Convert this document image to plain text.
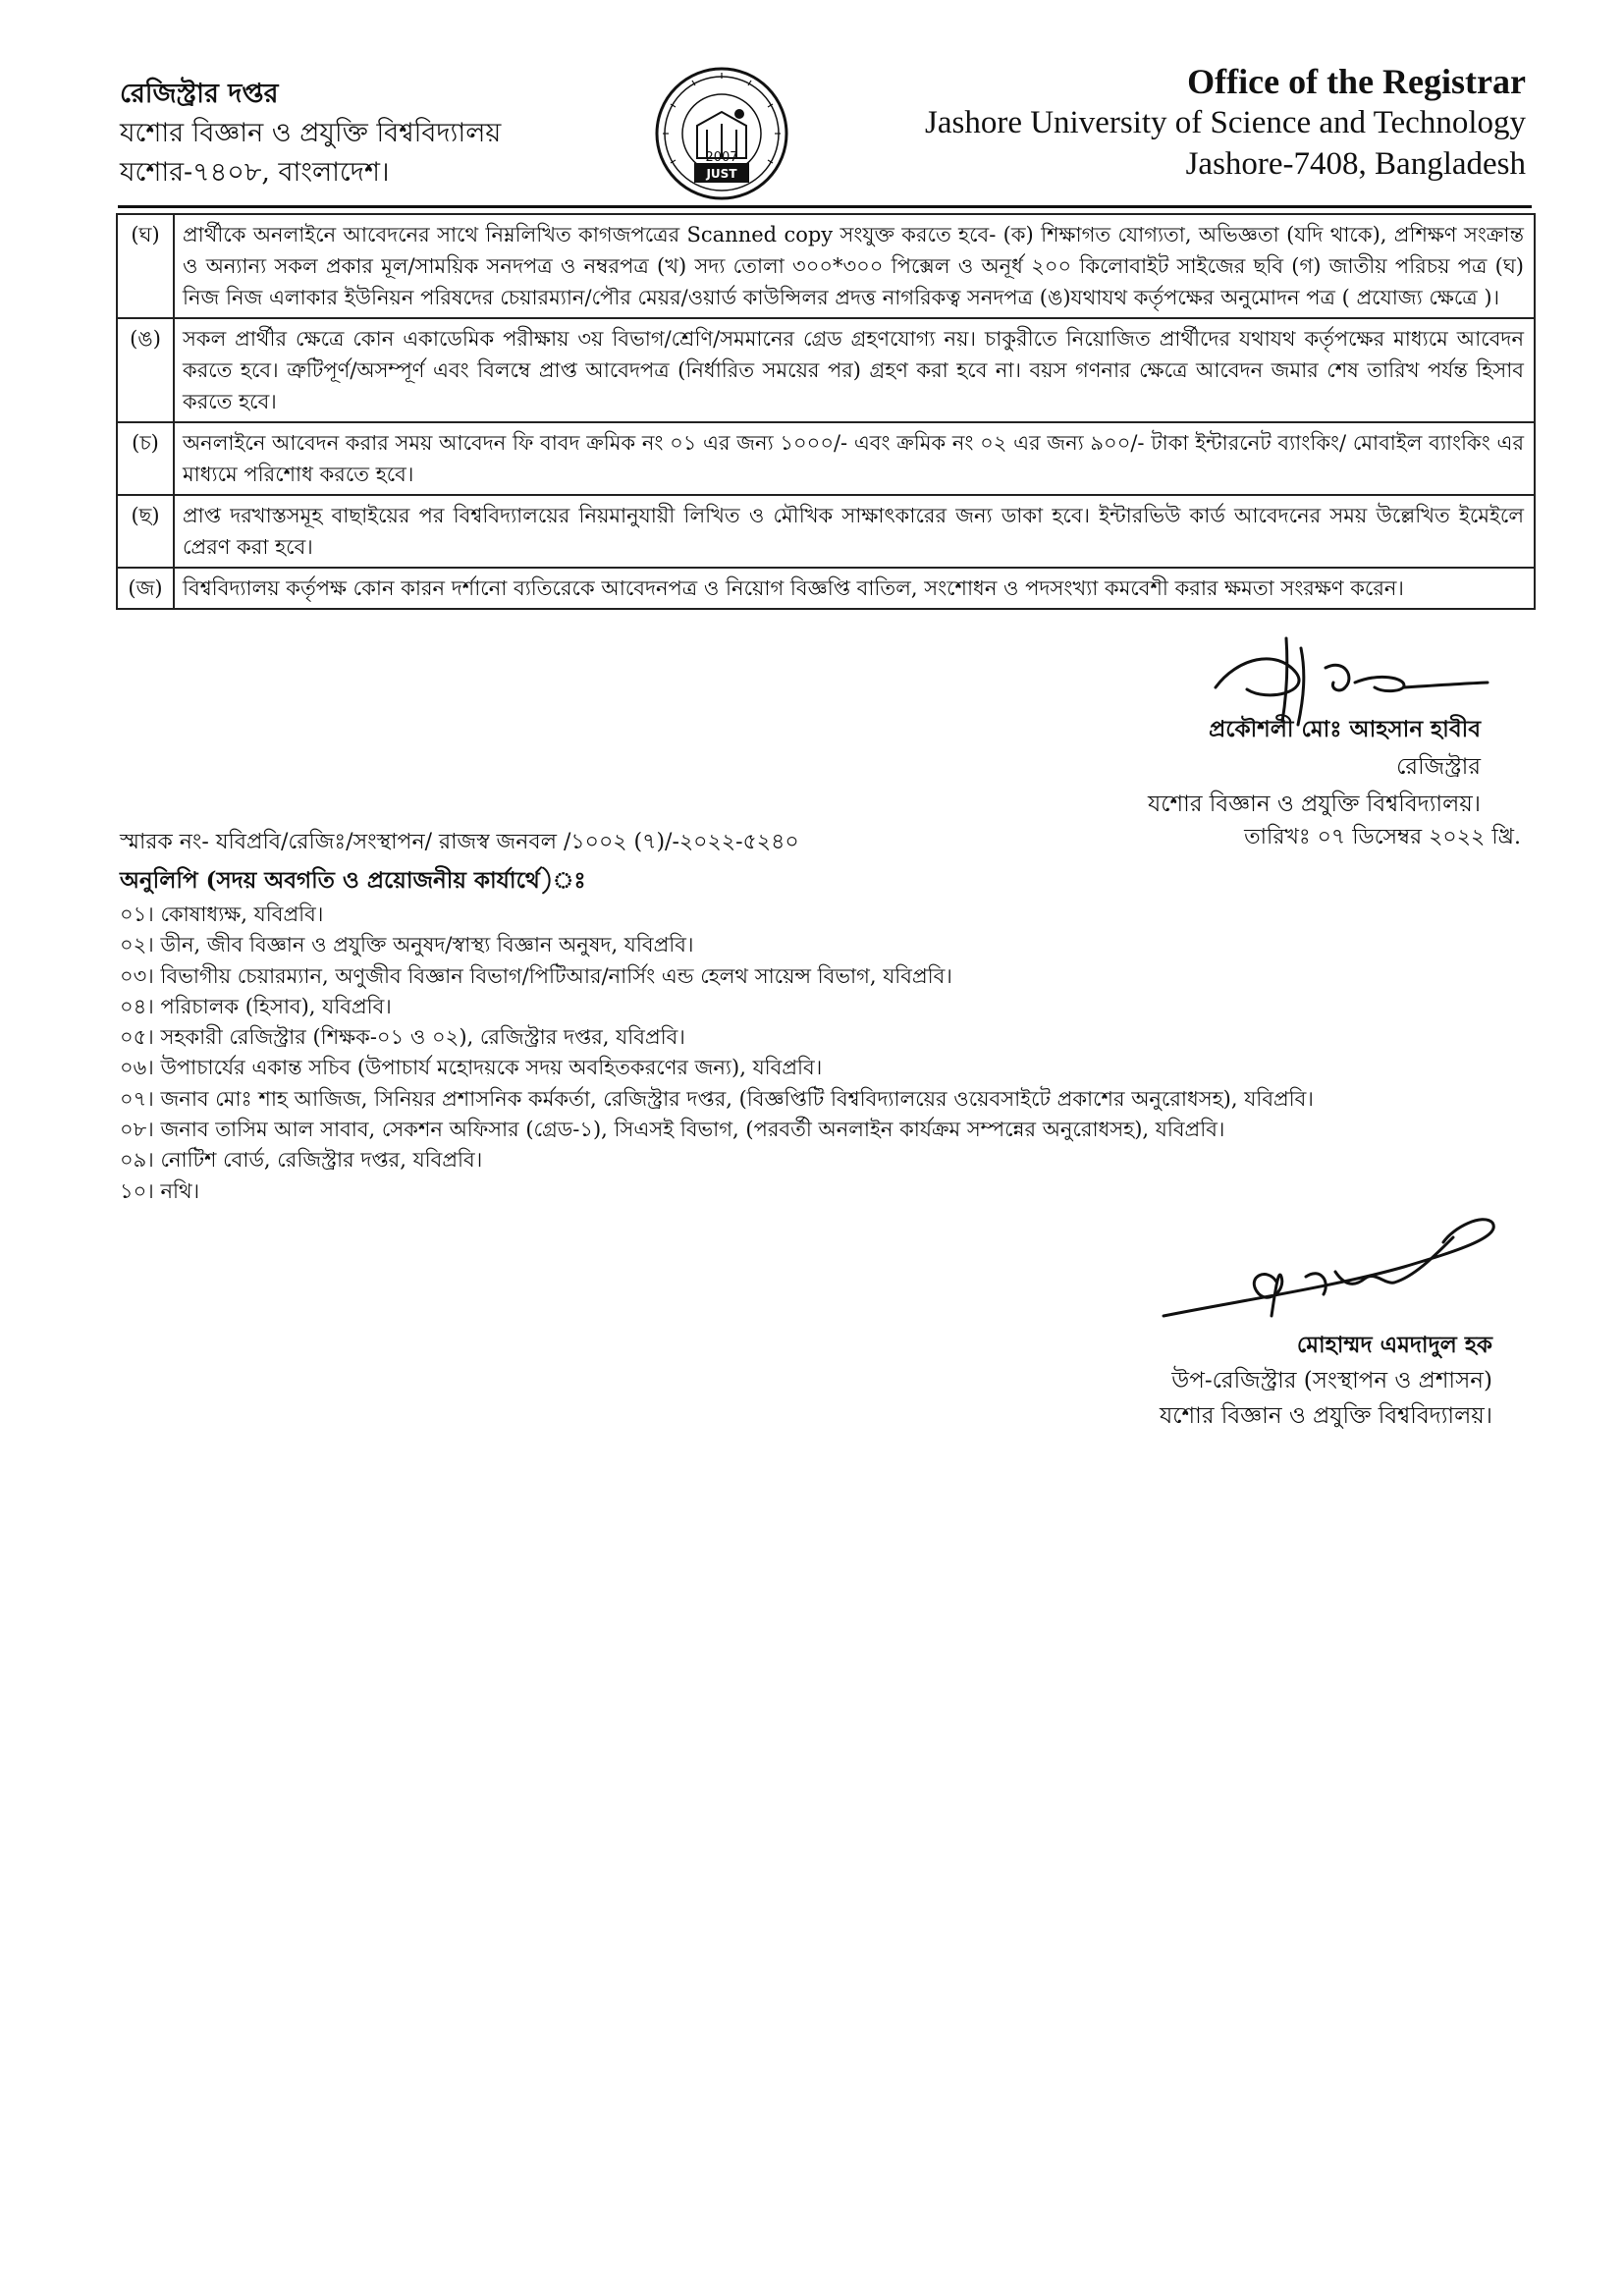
রেজিস্ট্রার দপ্তর
যশোর বিজ্ঞান ও প্রযুক্তি বিশ্ববিদ্যালয়
যশোর-৭৪০৮, বাংলাদেশ।	2007
JUST
Office of the Registrar
Jashore University of Science and Technology
Jashore-7408, Bangladesh
(ঘ)	প্রার্থীকে অনলাইনে আবেদনের সাথে নিম্নলিখিত কাগজপত্রের Scanned copy সংযুক্ত করতে হবে- (ক) শিক্ষাগত যোগ্যতা, অভিজ্ঞতা (যদি থাকে), প্রশিক্ষণ সংক্রান্ত ও অন্যান্য সকল প্রকার মূল/সাময়িক সনদপত্র ও নম্বরপত্র (খ) সদ্য তোলা ৩০০*৩০০ পিক্সেল ও অনূর্ধ ২০০ কিলোবাইট সাইজের ছবি (গ) জাতীয় পরিচয় পত্র (ঘ) নিজ নিজ এলাকার ইউনিয়ন পরিষদের চেয়ারম্যান/পৌর মেয়র/ওয়ার্ড কাউন্সিলর প্রদত্ত নাগরিকত্ব সনদপত্র (ঙ)যথাযথ কর্তৃপক্ষের অনুমোদন পত্র ( প্রযোজ্য ক্ষেত্রে )।
(ঙ)	সকল প্রার্থীর ক্ষেত্রে কোন একাডেমিক পরীক্ষায় ৩য় বিভাগ/শ্রেণি/সমমানের গ্রেড গ্রহণযোগ্য নয়। চাকুরীতে নিয়োজিত প্রার্থীদের যথাযথ কর্তৃপক্ষের মাধ্যমে আবেদন করতে হবে। ত্রুটিপূর্ণ/অসম্পূর্ণ এবং বিলম্বে প্রাপ্ত আবেদপত্র (নির্ধারিত সময়ের পর) গ্রহণ করা হবে না। বয়স গণনার ক্ষেত্রে আবেদন জমার শেষ তারিখ পর্যন্ত হিসাব করতে হবে।
(চ)	অনলাইনে আবেদন করার সময় আবেদন ফি বাবদ ক্রমিক নং ০১ এর জন্য ১০০০/- এবং ক্রমিক নং ০২ এর জন্য ৯০০/- টাকা ইন্টারনেট ব্যাংকিং/ মোবাইল ব্যাংকিং এর মাধ্যমে পরিশোধ করতে হবে।
(ছ)	প্রাপ্ত দরখাস্তসমূহ বাছাইয়ের পর বিশ্ববিদ্যালয়ের নিয়মানুযায়ী লিখিত ও মৌখিক সাক্ষাৎকারের জন্য ডাকা হবে। ইন্টারভিউ কার্ড আবেদনের সময় উল্লেখিত ইমেইলে প্রেরণ করা হবে।
(জ)	বিশ্ববিদ্যালয় কর্তৃপক্ষ কোন কারন দর্শানো ব্যতিরেকে আবেদনপত্র ও নিয়োগ বিজ্ঞপ্তি বাতিল, সংশোধন ও পদসংখ্যা কমবেশী করার ক্ষমতা সংরক্ষণ করেন।
প্রকৌশলী মোঃ আহসান হাবীব
রেজিস্ট্রার
যশোর বিজ্ঞান ও প্রযুক্তি বিশ্ববিদ্যালয়।
স্মারক নং- যবিপ্রবি/রেজিঃ/সংস্থাপন/ রাজস্ব জনবল /১০০২ (৭)/-২০২২-৫২৪০	তারিখঃ ০৭ ডিসেম্বর ২০২২ খ্রি.
অনুলিপি (সদয় অবগতি ও প্রয়োজনীয় কার্যার্থে)ঃ
০১। কোষাধ্যক্ষ, যবিপ্রবি।
০২। ডীন, জীব বিজ্ঞান ও প্রযুক্তি অনুষদ/স্বাস্থ্য বিজ্ঞান অনুষদ, যবিপ্রবি।
০৩। বিভাগীয় চেয়ারম্যান, অণুজীব বিজ্ঞান বিভাগ/পিটিআর/নার্সিং এন্ড হেলথ সায়েন্স বিভাগ, যবিপ্রবি।
০৪। পরিচালক (হিসাব), যবিপ্রবি।
০৫। সহকারী রেজিস্ট্রার (শিক্ষক-০১ ও ০২), রেজিস্ট্রার দপ্তর, যবিপ্রবি।
০৬। উপাচার্যের একান্ত সচিব (উপাচার্য মহোদয়কে সদয় অবহিতকরণের জন্য), যবিপ্রবি।
০৭। জনাব মোঃ শাহ আজিজ, সিনিয়র প্রশাসনিক কর্মকর্তা, রেজিস্ট্রার দপ্তর, (বিজ্ঞপ্তিটি বিশ্ববিদ্যালয়ের ওয়েবসাইটে প্রকাশের অনুরোধসহ), যবিপ্রবি।
০৮। জনাব তাসিম আল সাবাব, সেকশন অফিসার (গ্রেড-১), সিএসই বিভাগ, (পরবর্তী অনলাইন কার্যক্রম সম্পন্নের অনুরোধসহ), যবিপ্রবি।
০৯। নোটিশ বোর্ড, রেজিস্ট্রার দপ্তর, যবিপ্রবি।
১০। নথি।
মোহাম্মদ এমদাদুল হক
উপ-রেজিস্ট্রার (সংস্থাপন ও প্রশাসন)
যশোর বিজ্ঞান ও প্রযুক্তি বিশ্ববিদ্যালয়।
